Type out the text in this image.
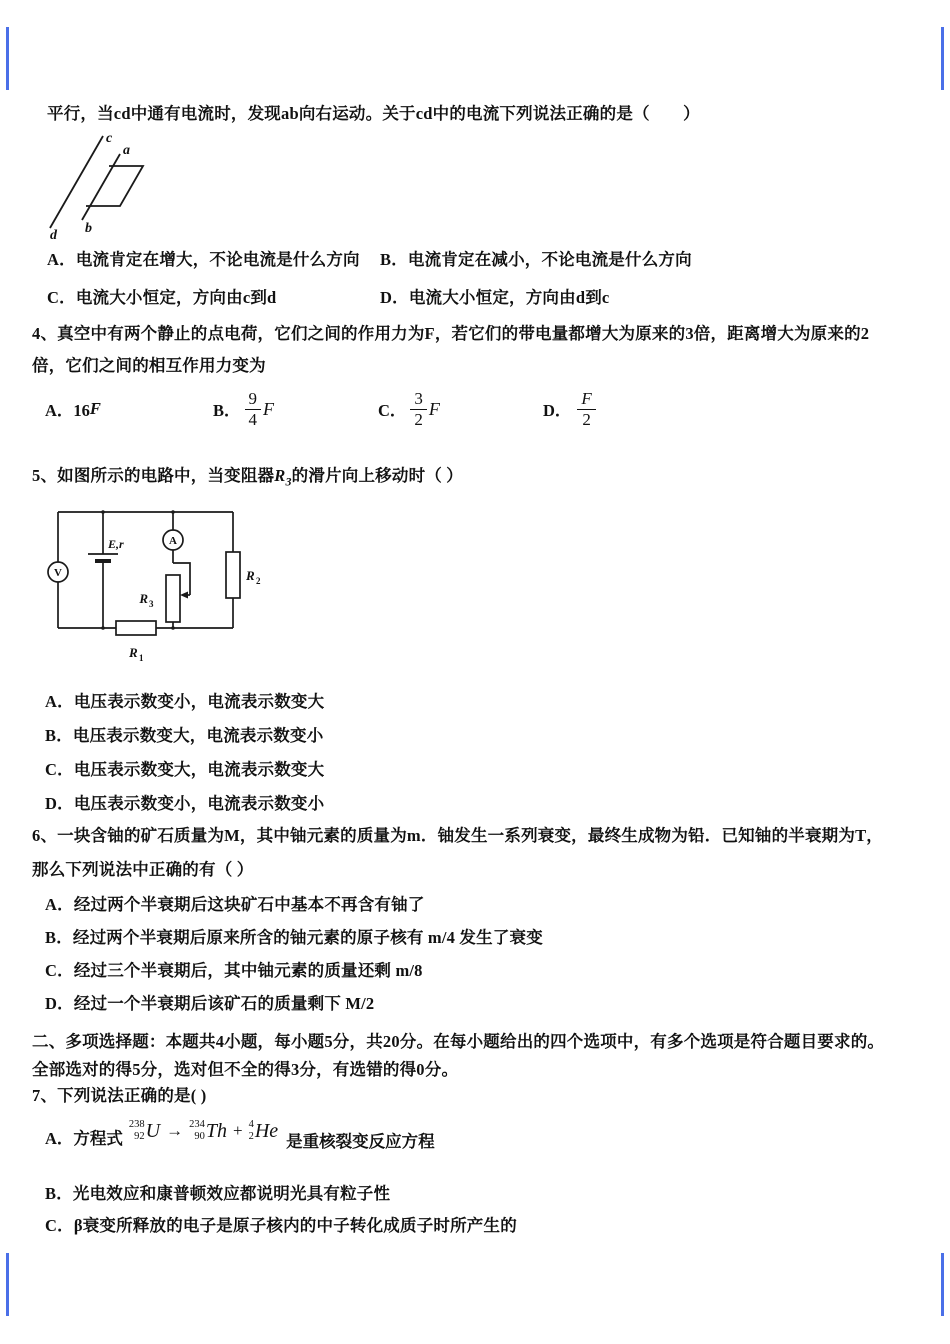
平行，当cd中通有电流时，发现ab向右运动。关于cd中的电流下列说法正确的是（　　）
c
a
b
d
A．电流肯定在增大，不论电流是什么方向 B．电流肯定在减小，不论电流是什么方向
C．电流大小恒定，方向由c到d	D．电流大小恒定，方向由d到c
4、真空中有两个静止的点电荷，它们之间的作用力为F，若它们的带电量都增大为原来的3倍，距离增大为原来的2
倍，它们之间的相互作用力变为
A．16 F	B． $\frac{9}{4}$ F	C． $\frac{3}{2}$ F	D． $\frac{F}{2}$
5、如图所示的电路中，当变阻器$R_3$的滑片向上移动时（ ）
V
A
E,r
R 3
R 2
R 1
A．电压表示数变小，电流表示数变大
B．电压表示数变大，电流表示数变小
C．电压表示数变大，电流表示数变大
D．电压表示数变小，电流表示数变小
6、一块含铀的矿石质量为M，其中铀元素的质量为m．铀发生一系列衰变，最终生成物为铅．已知铀的半衰期为T，
那么下列说法中正确的有（ ）
A．经过两个半衰期后这块矿石中基本不再含有铀了
B．经过两个半衰期后原来所含的铀元素的原子核有 m/4 发生了衰变
C．经过三个半衰期后，其中铀元素的质量还剩 m/8
D．经过一个半衰期后该矿石的质量剩下 M/2
二、多项选择题：本题共4小题，每小题5分，共20分。在每小题给出的四个选项中，有多个选项是符合题目要求的。
全部选对的得5分，选对但不全的得3分，有选错的得0分。
7、下列说法正确的是( )
A．方程式
238
92 U → 234
90 Th + 4
2 He 是重核裂变反应方程
B．光电效应和康普顿效应都说明光具有粒子性
C．β衰变所释放的电子是原子核内的中子转化成质子时所产生的
